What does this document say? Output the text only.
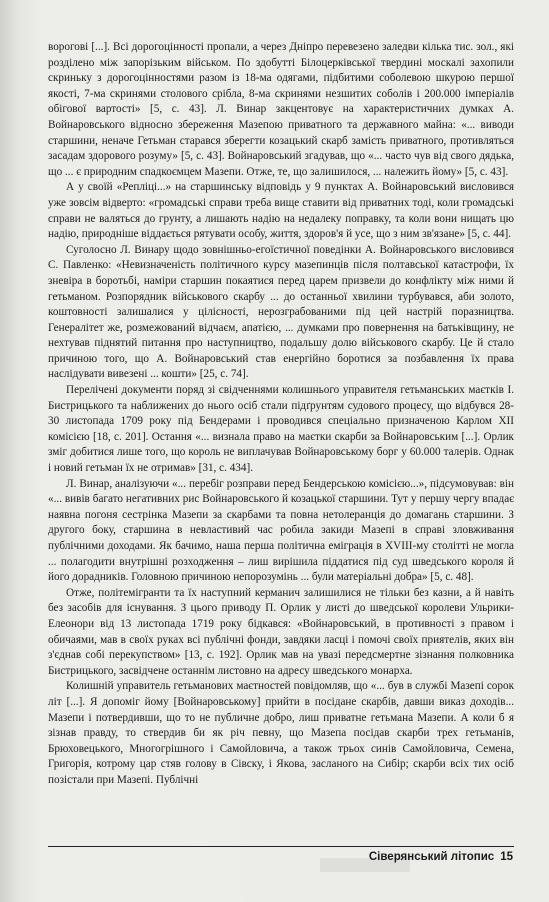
ворогові [...]. Всі дорогоцінності пропали, а через Дніпро перевезено заледви кілька тис. зол., які розділено між запорізьким військом. По здобутті Білоцерківської твердині москалі захопили скриньку з дорогоцінностями разом із 18-ма одягами, підбитими соболевою шкурою першої якості, 7-ма скринями столового срібла, 8-ма скринями незшитих соболів і 200.000 імперіалів обігової вартості» [5, с. 43]. Л. Винар закцентовує на характеристичних думках А. Войнаровського відносно збереження Мазепою приватного та державного майна: «... виводи старшини, неначе Гетьман старався зберегти козацький скарб замість приватного, противляться засадам здорового розуму» [5, с. 43]. Войнаровський згадував, що «... часто чув від свого дядька, що ... є природним спадкоємцем Мазепи. Отже, те, що залишилося, ... належить йому» [5, с. 43].

А у своїй «Репліці...» на старшинську відповідь у 9 пунктах А. Войнаровський висловився уже зовсім відверто: «громадські справи треба вище ставити від приватних тоді, коли громадські справи не валяться до грунту, а лишають надію на недалеку поправку, та коли вони нищать цю надію, природніше віддається рятувати особу, життя, здоров'я й усе, що з ним зв'язане» [5, с. 44].

Суголосно Л. Винару щодо зовнішньо-егоїстичної поведінки А. Войнаровського висловився С. Павленко: «Невизначеність політичного курсу мазепинців після полтавської катастрофи, їх зневіра в боротьбі, наміри старшин покаятися перед царем призвели до конфлікту між ними й гетьманом. Розпорядник військового скарбу ... до останньої хвилини турбувався, аби золото, коштовності залишалися у цілісності, нерозграбованими під цей настрій поразництва. Генералітет же, розмежований відчаєм, апатією, ... думками про повернення на батьківщину, не нехтував піднятий питання про наступництво, подальшу долю військового скарбу. Це й стало причиною того, що А. Войнаровський став енергійно боротися за позбавлення їх права наслідувати вивезені ... кошти» [25, с. 74].

Перелічені документи поряд зі свідченнями колишнього управителя гетьманських маєтків І. Бистрицького та наближених до нього осіб стали підґрунтям судового процесу, що відбувся 28-30 листопада 1709 року під Бендерами і проводився спеціально призначеною Карлом XII комісією [18, с. 201]. Остання «... визнала право на маєтки скарби за Войнаровським [...]. Орлик зміг добитися лише того, що король не виплачував Войнаровському борг у 60.000 талерів. Однак і новий гетьман їх не отримав» [31, с. 434].

Л. Винар, аналізуючи «... перебіг розправи перед Бендерською комісією...», підсумовував: він «... вивів багато негативних рис Войнаровського й козацької старшини. Тут у першу чергу впадає наявна погоня сестрінка Мазепи за скарбами та повна нетолеранція до домагань старшини. З другого боку, старшина в невластивий час робила закиди Мазепі в справі зловживання публічними доходами. Як бачимо, наша перша політична еміграція в XVIII-му столітті не могла ... полагодити внутрішні розходження – лиш вирішила піддатися під суд шведського короля й його дорадників. Головною причиною непорозумінь ... були матеріальні добра» [5, с. 48].

Отже, політемігранти та їх наступний керманич залишилися не тільки без казни, а й навіть без засобів для існування. З цього приводу П. Орлик у листі до шведської королеви Ульрики-Елеонори від 13 листопада 1719 року бідкався: «Войнаровський, в противності з правом і обичаями, мав в своїх руках всі публічні фонди, завдяки ласці і помочі своїх приятелів, яких він з'єднав собі перекупством» [13, с. 192]. Орлик мав на увазі передсмертне зізнання полковника Бистрицького, засвідчене останнім листовно на адресу шведського монарха.

Колишній управитель гетьманових маєтностей повідомляв, що «... був в службі Мазепі сорок літ [...]. Я допоміг йому [Войнаровському] прийти в посідане скарбів, давши виказ доходів... Мазепи і потвердивши, що то не публичне добро, лиш приватне гетьмана Мазепи. А коли б я зізнав правду, то ствердив би як річ певну, що Мазепа посідав скарби трех гетьманів, Брюховецького, Многогрішного і Самойловича, а також трьох синів Самойловича, Семена, Григорія, котрому цар стяв голову в Сівску, і Якова, засланого на Сибір; скарби всіх тих осіб позістали при Мазепі. Публічні

Сіверянський літопис 15
